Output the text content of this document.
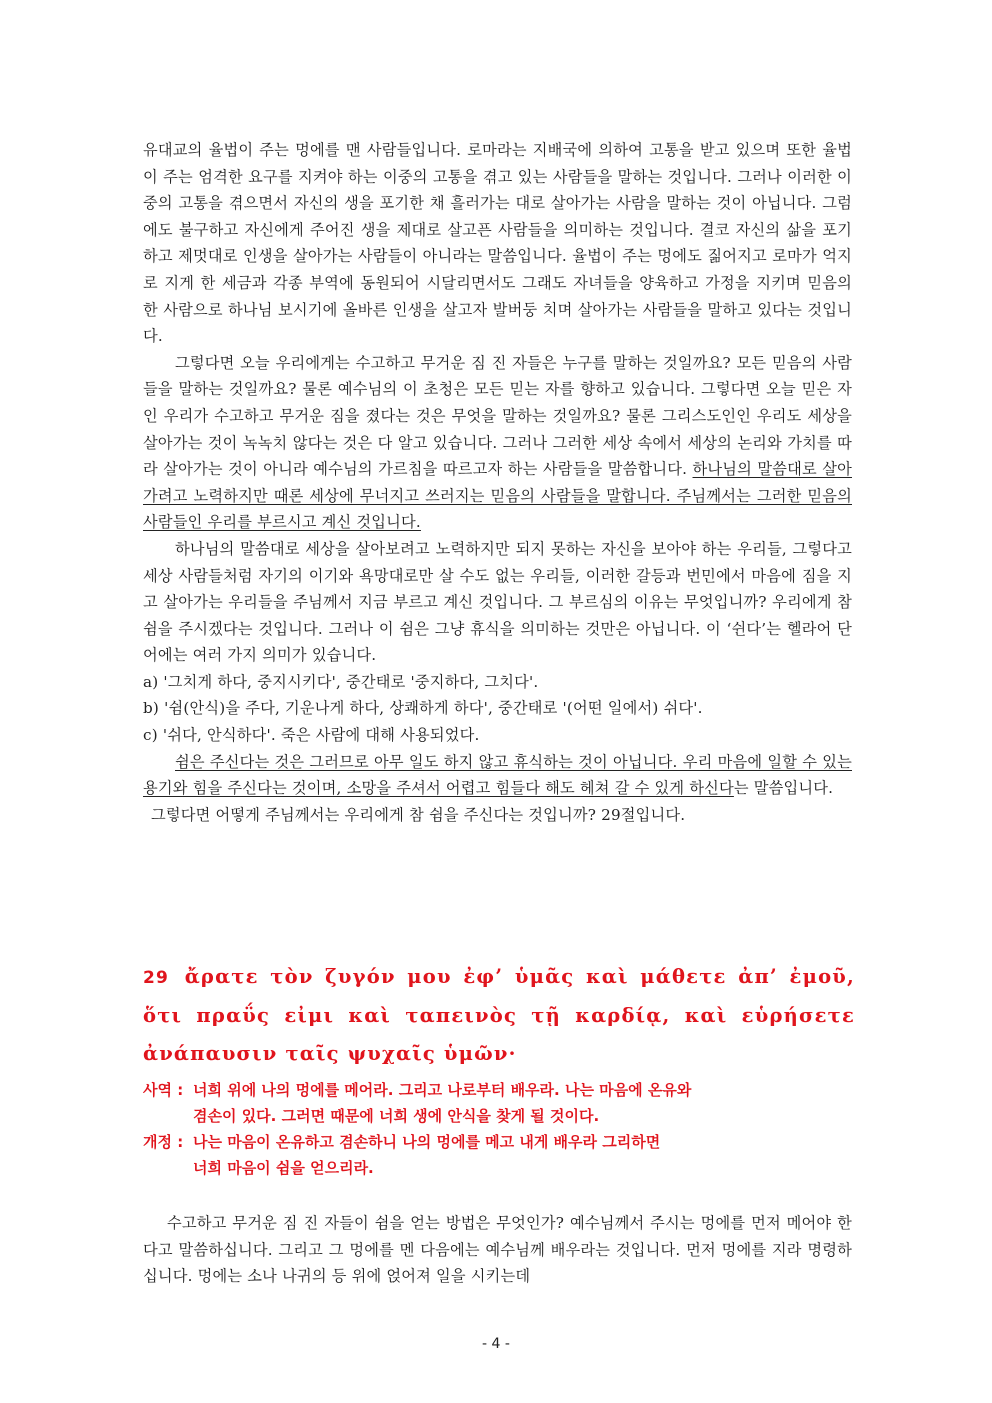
유대교의 율법이 주는 멍에를 맨 사람들입니다. 로마라는 지배국에 의하여 고통을 받고 있으며 또한 율법이 주는 엄격한 요구를 지켜야 하는 이중의 고통을 겪고 있는 사람들을 말하는 것입니다. 그러나 이러한 이중의 고통을 겪으면서 자신의 생을 포기한 채 흘러가는 대로 살아가는 사람을 말하는 것이 아닙니다. 그럼에도 불구하고 자신에게 주어진 생을 제대로 살고픈 사람들을 의미하는 것입니다. 결코 자신의 삶을 포기하고 제멋대로 인생을 살아가는 사람들이 아니라는 말씀입니다. 율법이 주는 멍에도 짊어지고 로마가 억지로 지게 한 세금과 각종 부역에 동원되어 시달리면서도 그래도 자녀들을 양육하고 가정을 지키며 믿음의 한 사람으로 하나님 보시기에 올바른 인생을 살고자 발버둥 치며 살아가는 사람들을 말하고 있다는 것입니다.

그렇다면 오늘 우리에게는 수고하고 무거운 짐 진 자들은 누구를 말하는 것일까요? 모든 믿음의 사람들을 말하는 것일까요? 물론 예수님의 이 초청은 모든 믿는 자를 향하고 있습니다. 그렇다면 오늘 믿은 자인 우리가 수고하고 무거운 짐을 졌다는 것은 무엇을 말하는 것일까요? 물론 그리스도인인 우리도 세상을 살아가는 것이 녹녹치 않다는 것은 다 알고 있습니다. 그러나 그러한 세상 속에서 세상의 논리와 가치를 따라 살아가는 것이 아니라 예수님의 가르침을 따르고자 하는 사람들을 말씀합니다. 하나님의 말씀대로 살아가려고 노력하지만 때론 세상에 무너지고 쓰러지는 믿음의 사람들을 말합니다. 주님께서는 그러한 믿음의 사람들인 우리를 부르시고 계신 것입니다.

하나님의 말씀대로 세상을 살아보려고 노력하지만 되지 못하는 자신을 보아야 하는 우리들, 그렇다고 세상 사람들처럼 자기의 이기와 욕망대로만 살 수도 없는 우리들, 이러한 갈등과 번민에서 마음에 짐을 지고 살아가는 우리들을 주님께서 지금 부르고 계신 것입니다. 그 부르심의 이유는 무엇입니까? 우리에게 참 쉼을 주시겠다는 것입니다. 그러나 이 쉼은 그냥 휴식을 의미하는 것만은 아닙니다. 이 ‘쉰다’는 헬라어 단어에는 여러 가지 의미가 있습니다.

a) '그치게 하다, 중지시키다', 중간태로 '중지하다, 그치다'.

b) '쉼(안식)을 주다, 기운나게 하다, 상쾌하게 하다', 중간태로 '(어떤 일에서) 쉬다'.

c) '쉬다, 안식하다'. 죽은 사람에 대해 사용되었다.

쉼은 주신다는 것은 그러므로 아무 일도 하지 않고 휴식하는 것이 아닙니다. 우리 마음에 일할 수 있는 용기와 힘을 주신다는 것이며, 소망을 주셔서 어렵고 힘들다 해도 헤쳐 갈 수 있게 하신다는 말씀입니다.

그렇다면 어떻게 주님께서는 우리에게 참 쉼을 주신다는 것입니까? 29절입니다.

29 ἄρατε τὸν ζυγόν μου ἐφ’ ὑμᾶς καὶ μάθετε ἀπ’ ἐμοῦ, ὅτι πραΰς εἰμι καὶ ταπεινὸς τῇ καρδίᾳ, καὶ εὑρήσετε ἀνάπαυσιν ταῖς ψυχαῖς ὑμῶν·
사역 : 너희 위에 나의 멍에를 메어라. 그리고 나로부터 배우라. 나는 마음에 온유와
겸손이 있다. 그러면 때문에 너희 생에 안식을 찾게 될 것이다.
개정 : 나는 마음이 온유하고 겸손하니 나의 멍에를 메고 내게 배우라 그리하면
너희 마음이 쉼을 얻으리라.

수고하고 무거운 짐 진 자들이 쉼을 얻는 방법은 무엇인가? 예수님께서 주시는 멍에를 먼저 메어야 한다고 말씀하십니다. 그리고 그 멍에를 멘 다음에는 예수님께 배우라는 것입니다. 먼저 멍에를 지라 명령하십니다. 멍에는 소나 나귀의 등 위에 얹어져 일을 시키는데

- 4 -
